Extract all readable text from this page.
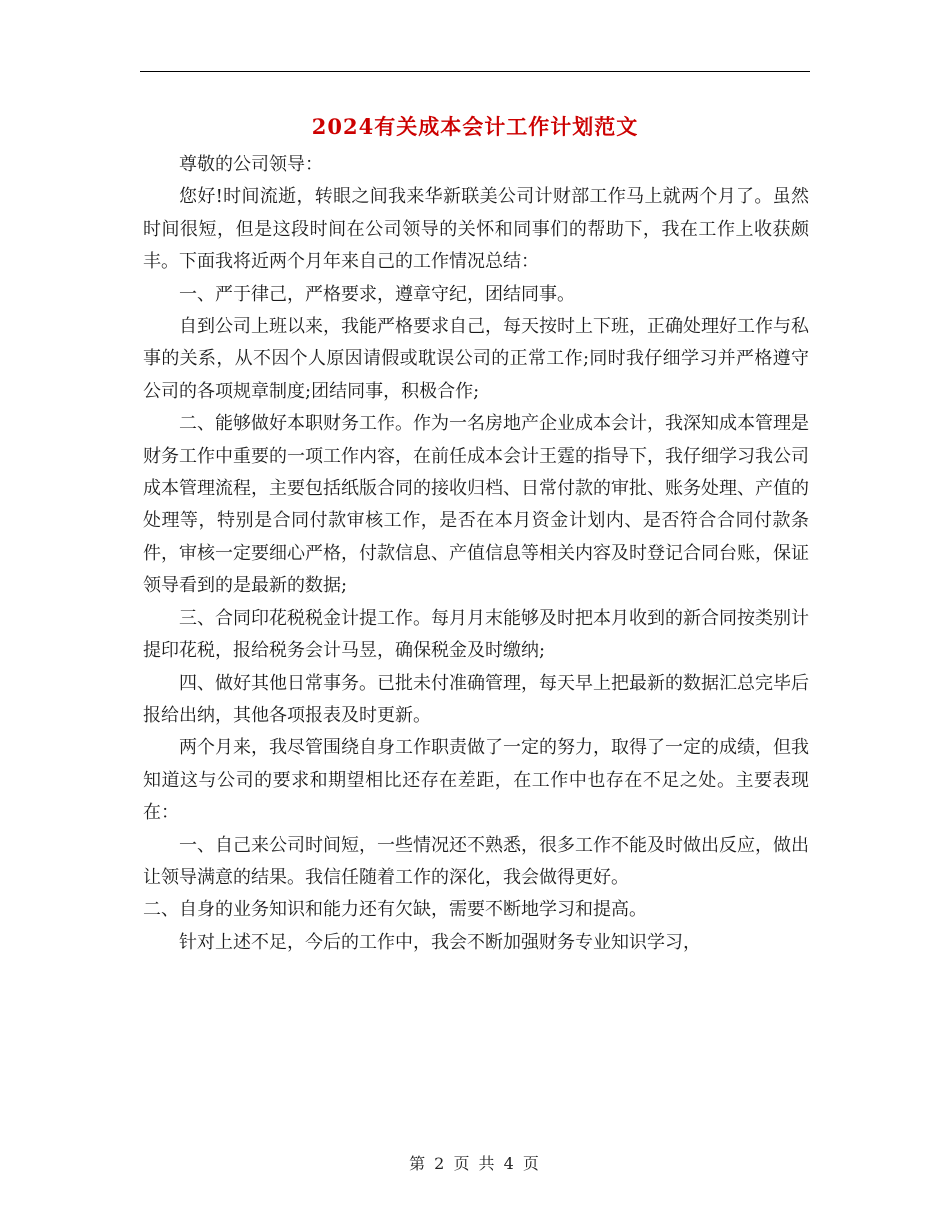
2024有关成本会计工作计划范文

尊敬的公司领导：

您好!时间流逝，转眼之间我来华新联美公司计财部工作马上就两个月了。虽然时间很短，但是这段时间在公司领导的关怀和同事们的帮助下，我在工作上收获颇丰。下面我将近两个月年来自己的工作情况总结：

一、严于律己，严格要求，遵章守纪，团结同事。

自到公司上班以来，我能严格要求自己，每天按时上下班，正确处理好工作与私事的关系，从不因个人原因请假或耽误公司的正常工作;同时我仔细学习并严格遵守公司的各项规章制度;团结同事，积极合作;

二、能够做好本职财务工作。作为一名房地产企业成本会计，我深知成本管理是财务工作中重要的一项工作内容，在前任成本会计王霆的指导下，我仔细学习我公司成本管理流程，主要包括纸版合同的接收归档、日常付款的审批、账务处理、产值的处理等，特别是合同付款审核工作，是否在本月资金计划内、是否符合合同付款条件，审核一定要细心严格，付款信息、产值信息等相关内容及时登记合同台账，保证领导看到的是最新的数据;

三、合同印花税税金计提工作。每月月末能够及时把本月收到的新合同按类别计提印花税，报给税务会计马昱，确保税金及时缴纳;

四、做好其他日常事务。已批未付准确管理，每天早上把最新的数据汇总完毕后报给出纳，其他各项报表及时更新。

两个月来，我尽管围绕自身工作职责做了一定的努力，取得了一定的成绩，但我知道这与公司的要求和期望相比还存在差距，在工作中也存在不足之处。主要表现在：

一、自己来公司时间短，一些情况还不熟悉，很多工作不能及时做出反应，做出让领导满意的结果。我信任随着工作的深化，我会做得更好。

二、自身的业务知识和能力还有欠缺，需要不断地学习和提高。

针对上述不足，今后的工作中，我会不断加强财务专业知识学习，

第 2 页 共 4 页
